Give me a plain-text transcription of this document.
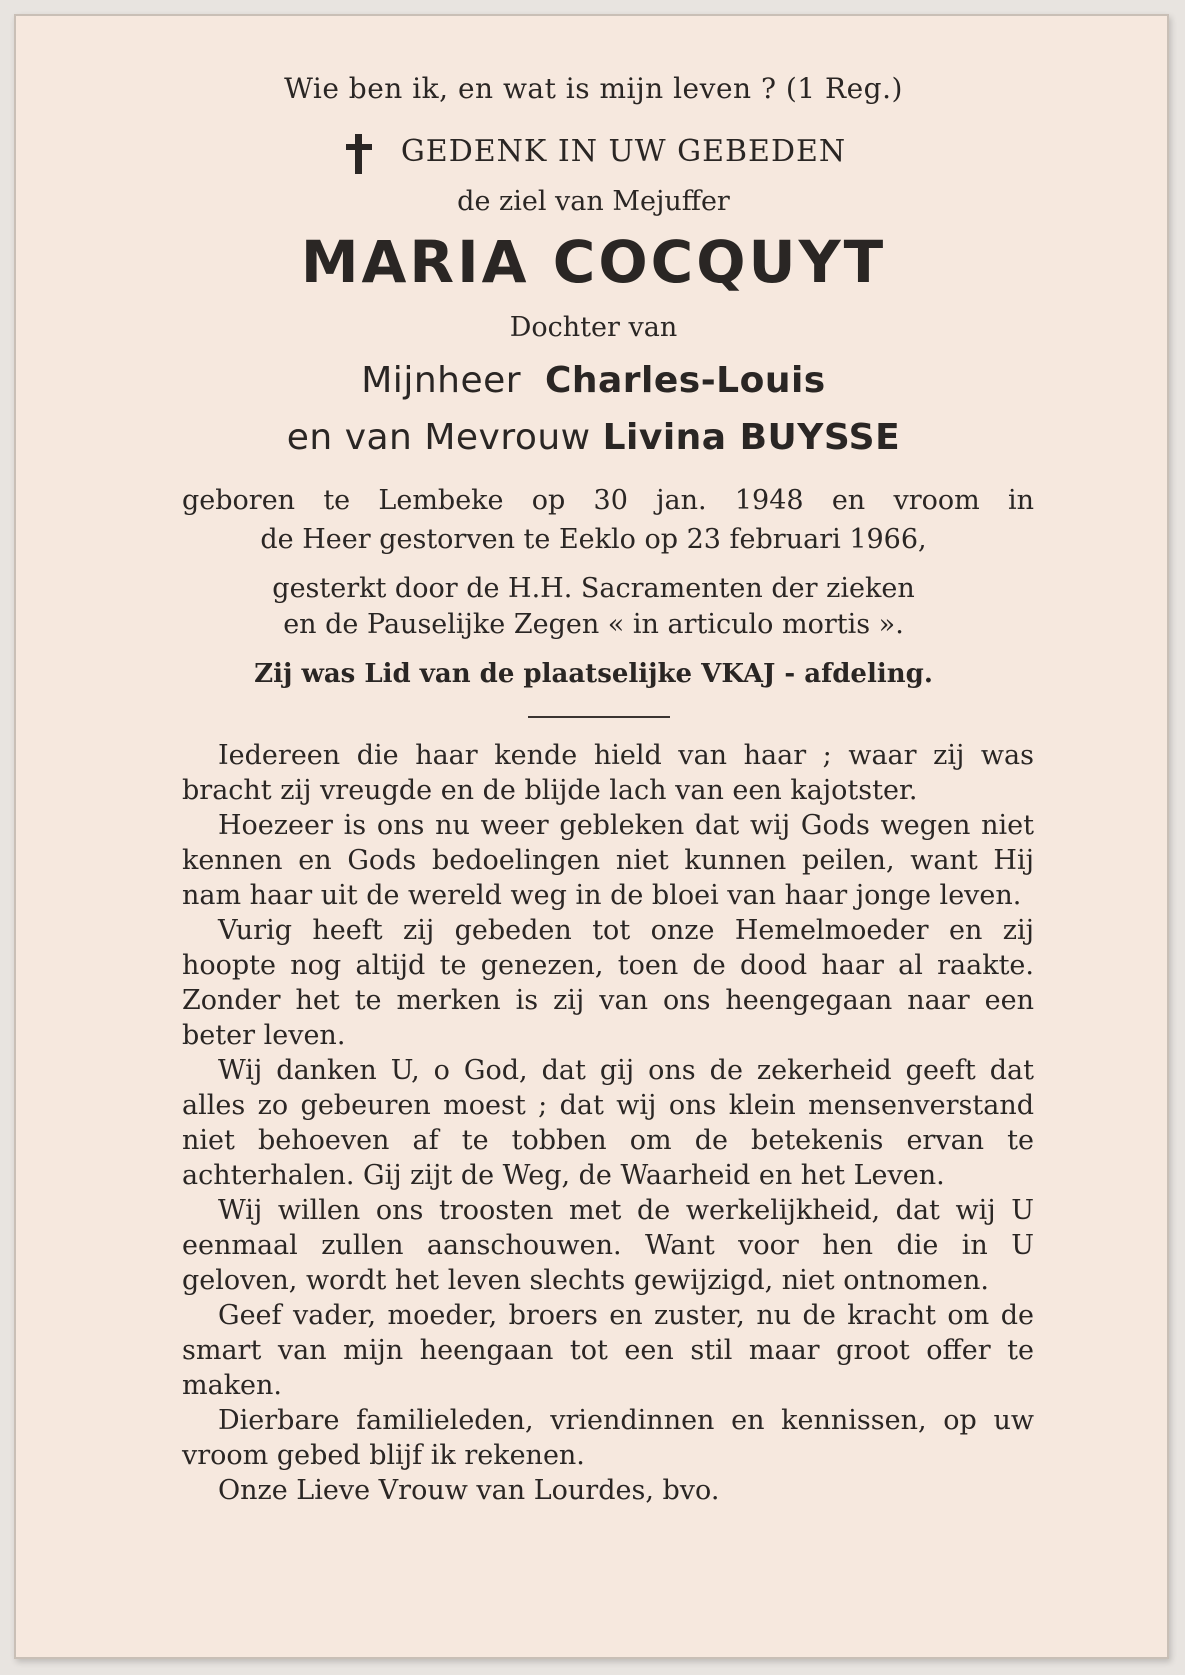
Wie ben ik, en wat is mijn leven ? (1 Reg.)
GEDENK IN UW GEBEDEN
de ziel van Mejuffer
MARIA COCQUYT
Dochter van
Mijnheer Charles-Louis
en van Mevrouw Livina BUYSSE
geboren te Lembeke op 30 jan. 1948 en vroom in
de Heer gestorven te Eeklo op 23 februari 1966,
gesterkt door de H.H. Sacramenten der zieken
en de Pauselijke Zegen « in articulo mortis ».
Zij was Lid van de plaatselijke VKAJ - afdeling.

Iedereen die haar kende hield van haar ; waar zij was bracht zij vreugde en de blijde lach van een kajotster.

Hoezeer is ons nu weer gebleken dat wij Gods wegen niet kennen en Gods bedoelingen niet kunnen peilen, want Hij nam haar uit de wereld weg in de bloei van haar jonge leven.

Vurig heeft zij gebeden tot onze Hemelmoeder en zij hoopte nog altijd te genezen, toen de dood haar al raakte. Zonder het te merken is zij van ons heengegaan naar een beter leven.

Wij danken U, o God, dat gij ons de zekerheid geeft dat alles zo gebeuren moest ; dat wij ons klein mensenverstand niet behoeven af te tobben om de betekenis ervan te achterhalen. Gij zijt de Weg, de Waarheid en het Leven.

Wij willen ons troosten met de werkelijkheid, dat wij U eenmaal zullen aanschouwen. Want voor hen die in U geloven, wordt het leven slechts gewijzigd, niet ontnomen.

Geef vader, moeder, broers en zuster, nu de kracht om de smart van mijn heengaan tot een stil maar groot offer te maken.

Dierbare familieleden, vriendinnen en kennissen, op uw vroom gebed blijf ik rekenen.

Onze Lieve Vrouw van Lourdes, bvo.
